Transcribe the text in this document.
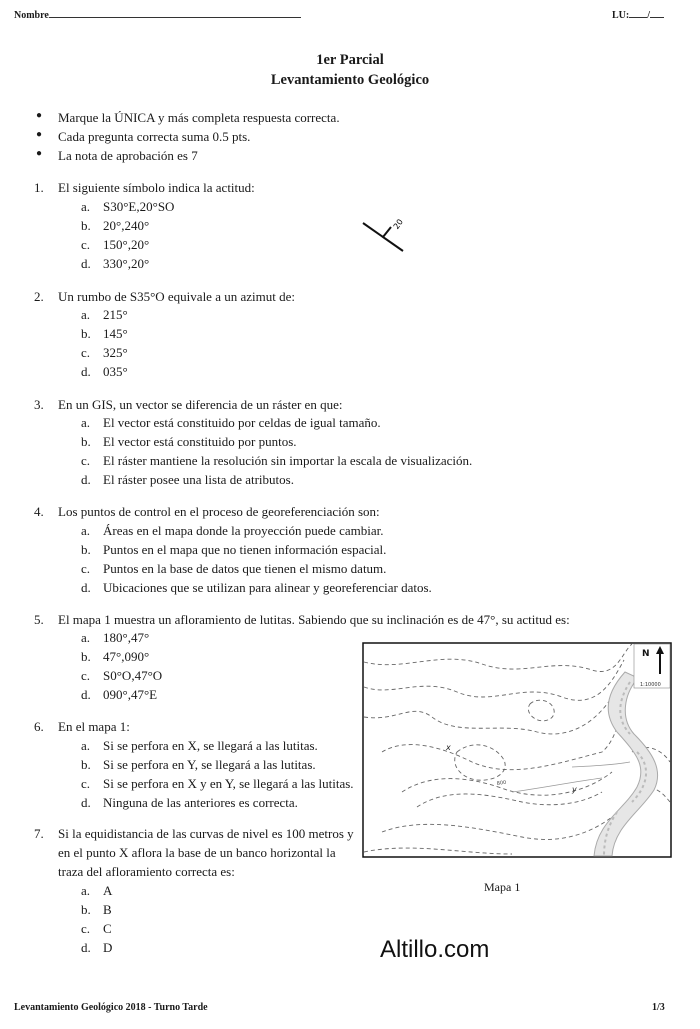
Nombre	LU: /
1er Parcial
Levantamiento Geológico
● Marque la ÚNICA y más completa respuesta correcta.
● Cada pregunta correcta suma 0.5 pts.
● La nota de aprobación es 7
1. El siguiente símbolo indica la actitud:
a. S30°E,20°SO
b. 20°,240°
c. 150°,20°
d. 330°,20°
20
2. Un rumbo de S35°O equivale a un azimut de:
a. 215°
b. 145°
c. 325°
d. 035°
3. En un GIS, un vector se diferencia de un ráster en que:
a. El vector está constituido por celdas de igual tamaño.
b. El vector está constituido por puntos.
c. El ráster mantiene la resolución sin importar la escala de visualización.
d. El ráster posee una lista de atributos.
4. Los puntos de control en el proceso de georeferenciación son:
a. Áreas en el mapa donde la proyección puede cambiar.
b. Puntos en el mapa que no tienen información espacial.
c. Puntos en la base de datos que tienen el mismo datum.
d. Ubicaciones que se utilizan para alinear y georeferenciar datos.
5. El mapa 1 muestra un afloramiento de lutitas. Sabiendo que su inclinación es de 47°, su actitud es:
a. 180°,47°
b. 47°,090°
c. S0°O,47°O
d. 090°,47°E
6. En el mapa 1:
a. Si se perfora en X, se llegará a las lutitas.
b. Si se perfora en Y, se llegará a las lutitas.
c. Si se perfora en X y en Y, se llegará a las lutitas.
d. Ninguna de las anteriores es correcta.
7. Si la equidistancia de las curvas de nivel es 100 metros y
en el punto X aflora la base de un banco horizontal la
traza del afloramiento correcta es:
a. A
b. B
c. C
d. D
N
1:10000
x
y
800
Mapa 1
Altillo.com
Levantamiento Geológico 2018 - Turno Tarde	1/3
